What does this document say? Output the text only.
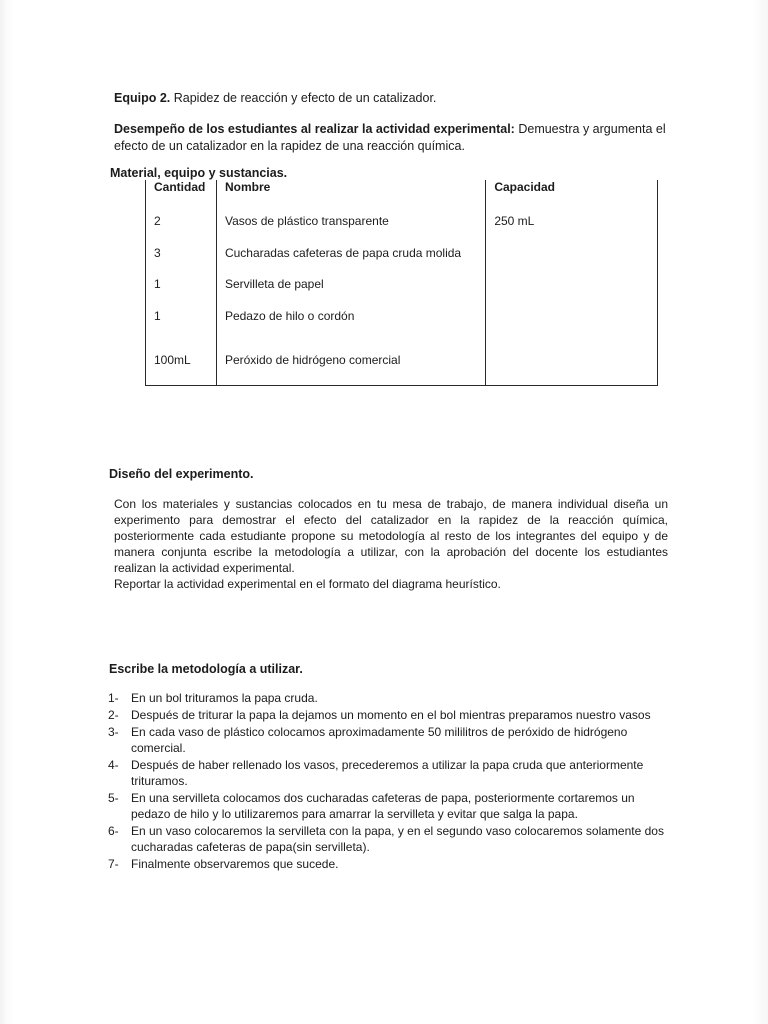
Equipo 2. Rapidez de reacción y efecto de un catalizador.

Desempeño de los estudiantes al realizar la actividad experimental: Demuestra y argumenta el efecto de un catalizador en la rapidez de una reacción química.

Material, equipo y sustancias.

Cantidad	Nombre	Capacidad
2	Vasos de plástico transparente	250 mL
3	Cucharadas cafeteras de papa cruda molida	
1	Servilleta de papel	
1	Pedazo de hilo o cordón	
100mL	Peróxido de hidrógeno comercial	

Diseño del experimento.

Con los materiales y sustancias colocados en tu mesa de trabajo, de manera individual diseña un experimento para demostrar el efecto del catalizador en la rapidez de la reacción química, posteriormente cada estudiante propone su metodología al resto de los integrantes del equipo y de manera conjunta escribe la metodología a utilizar, con la aprobación del docente los estudiantes realizan la actividad experimental.

Reportar la actividad experimental en el formato del diagrama heurístico.

Escribe la metodología a utilizar.

1- En un bol trituramos la papa cruda.
2- Después de triturar la papa la dejamos un momento en el bol mientras preparamos nuestro vasos
3- En cada vaso de plástico colocamos aproximadamente 50 mililitros de peróxido de hidrógeno comercial.
4- Después de haber rellenado los vasos, precederemos a utilizar la papa cruda que anteriormente trituramos.
5- En una servilleta colocamos dos cucharadas cafeteras de papa, posteriormente cortaremos un pedazo de hilo y lo utilizaremos para amarrar la servilleta y evitar que salga la papa.
6- En un vaso colocaremos la servilleta con la papa, y en el segundo vaso colocaremos solamente dos cucharadas cafeteras de papa(sin servilleta).
7- Finalmente observaremos que sucede.
